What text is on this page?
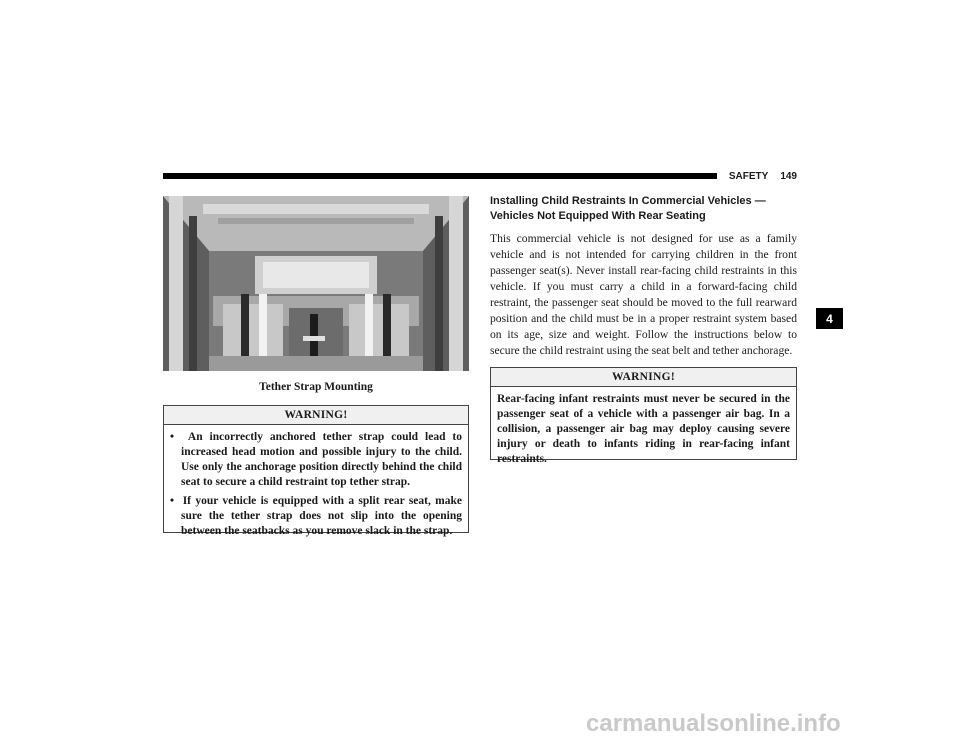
SAFETY 149
4
Tether Strap Mounting
WARNING!
•  An incorrectly anchored tether strap could lead to increased head motion and possible injury to the child. Use only the anchorage position directly behind the child seat to secure a child restraint top tether strap.
•  If your vehicle is equipped with a split rear seat, make sure the tether strap does not slip into the opening between the seatbacks as you remove slack in the strap.
Installing Child Restraints In Commercial Vehicles — Vehicles Not Equipped With Rear Seating

This commercial vehicle is not designed for use as a family vehicle and is not intended for carrying children in the front passenger seat(s). Never install rear-facing child restraints in this vehicle. If you must carry a child in a forward-facing child restraint, the passenger seat should be moved to the full rearward position and the child must be in a proper restraint system based on its age, size and weight. Follow the instructions below to secure the child restraint using the seat belt and tether anchorage.

WARNING!
Rear-facing infant restraints must never be secured in the passenger seat of a vehicle with a passenger air bag. In a collision, a passenger air bag may deploy causing severe injury or death to infants riding in rear-facing infant restraints.
carmanualsonline.info
